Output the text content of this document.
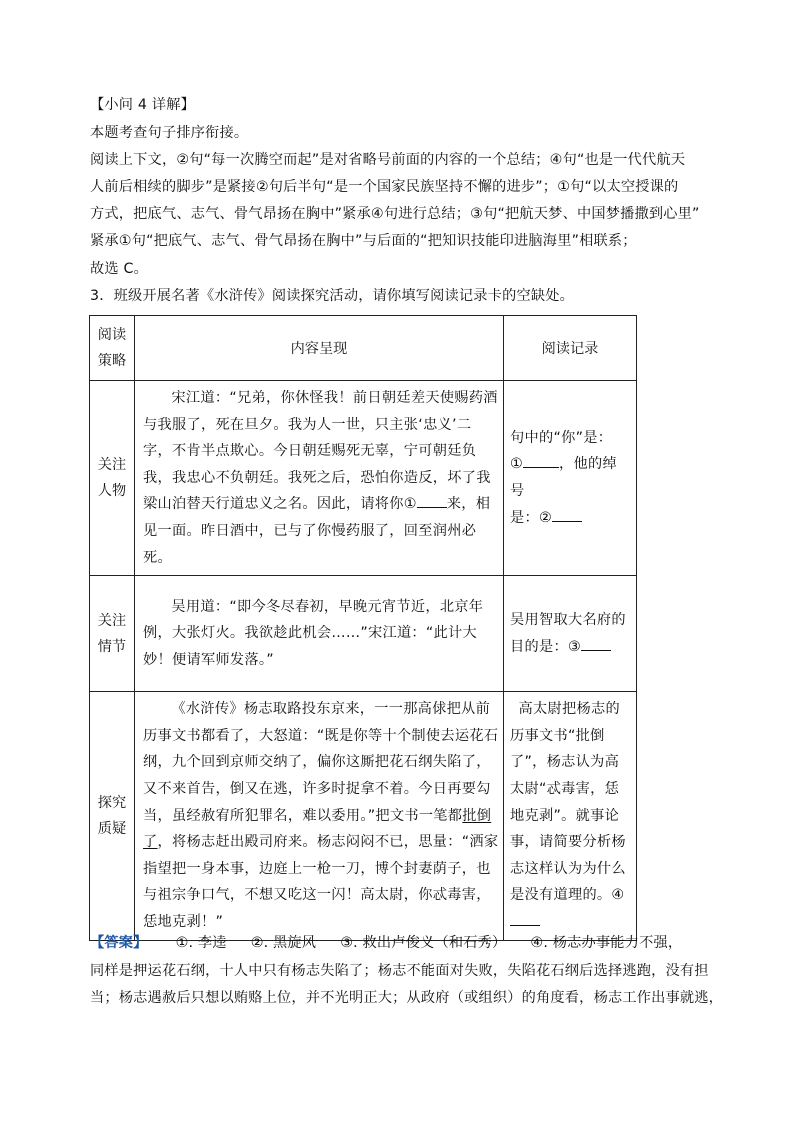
【小问 4 详解】
本题考查句子排序衔接。
阅读上下文，②句“每一次腾空而起”是对省略号前面的内容的一个总结；④句“也是一代代航天
人前后相续的脚步”是紧接②句后半句“是一个国家民族坚持不懈的进步”；①句“以太空授课的
方式，把底气、志气、骨气昂扬在胸中”紧承④句进行总结；③句“把航天梦、中国梦播撒到心里”
紧承①句“把底气、志气、骨气昂扬在胸中”与后面的“把知识技能印进脑海里”相联系；
故选 C。
3．班级开展名著《水浒传》阅读探究活动，请你填写阅读记录卡的空缺处。
阅读策略	内容呈现	阅读记录

关注人物	宋江道：“兄弟，你休怪我！前日朝廷差天使赐药酒与我服了，死在旦夕。我为人一世，只主张‘忠义’二字，不肯半点欺心。今日朝廷赐死无辜，宁可朝廷负我，我忠心不负朝廷。我死之后，恐怕你造反，坏了我梁山泊替天行道忠义之名。因此，请将你① 来，相见一面。昨日酒中，已与了你慢药服了，回至润州必死。	句中的“你”是：
① ，他的绰号
是：②

关注情节	吴用道：“即今冬尽春初，早晚元宵节近，北京年例，大张灯火。我欲趁此机会……”宋江道：“此计大妙！便请军师发落。”	吴用智取大名府的目的是：③

探究质疑	《水浒传》杨志取路投东京来，一一那高俅把从前历事文书都看了，大怒道：“既是你等十个制使去运花石纲，九个回到京师交纳了，偏你这厮把花石纲失陷了，又不来首告，倒又在逃，许多时捉拿不着。今日再要勾当，虽经赦宥所犯罪名，难以委用。”把文书一笔都批倒了，将杨志赶出殿司府来。杨志闷闷不已，思量：“洒家指望把一身本事，边庭上一枪一刀，博个封妻荫子，也与祖宗争口气，不想又吃这一闪！高太尉，你忒毒害，恁地克剥！”	高太尉把杨志的历事文书“批倒了”，杨志认为高太尉“忒毒害，恁地克剥”。就事论事，请简要分析杨志这样认为为什么是没有道理的。④
【答案】 ①. 李逵 ②. 黑旋风 ③. 救出卢俊义（和石秀） ④. 杨志办事能力不强，
同样是押运花石纲，十人中只有杨志失陷了；杨志不能面对失败，失陷花石纲后选择逃跑，没有担
当；杨志遇赦后只想以贿赂上位，并不光明正大；从政府（或组织）的角度看，杨志工作出事就逃，
